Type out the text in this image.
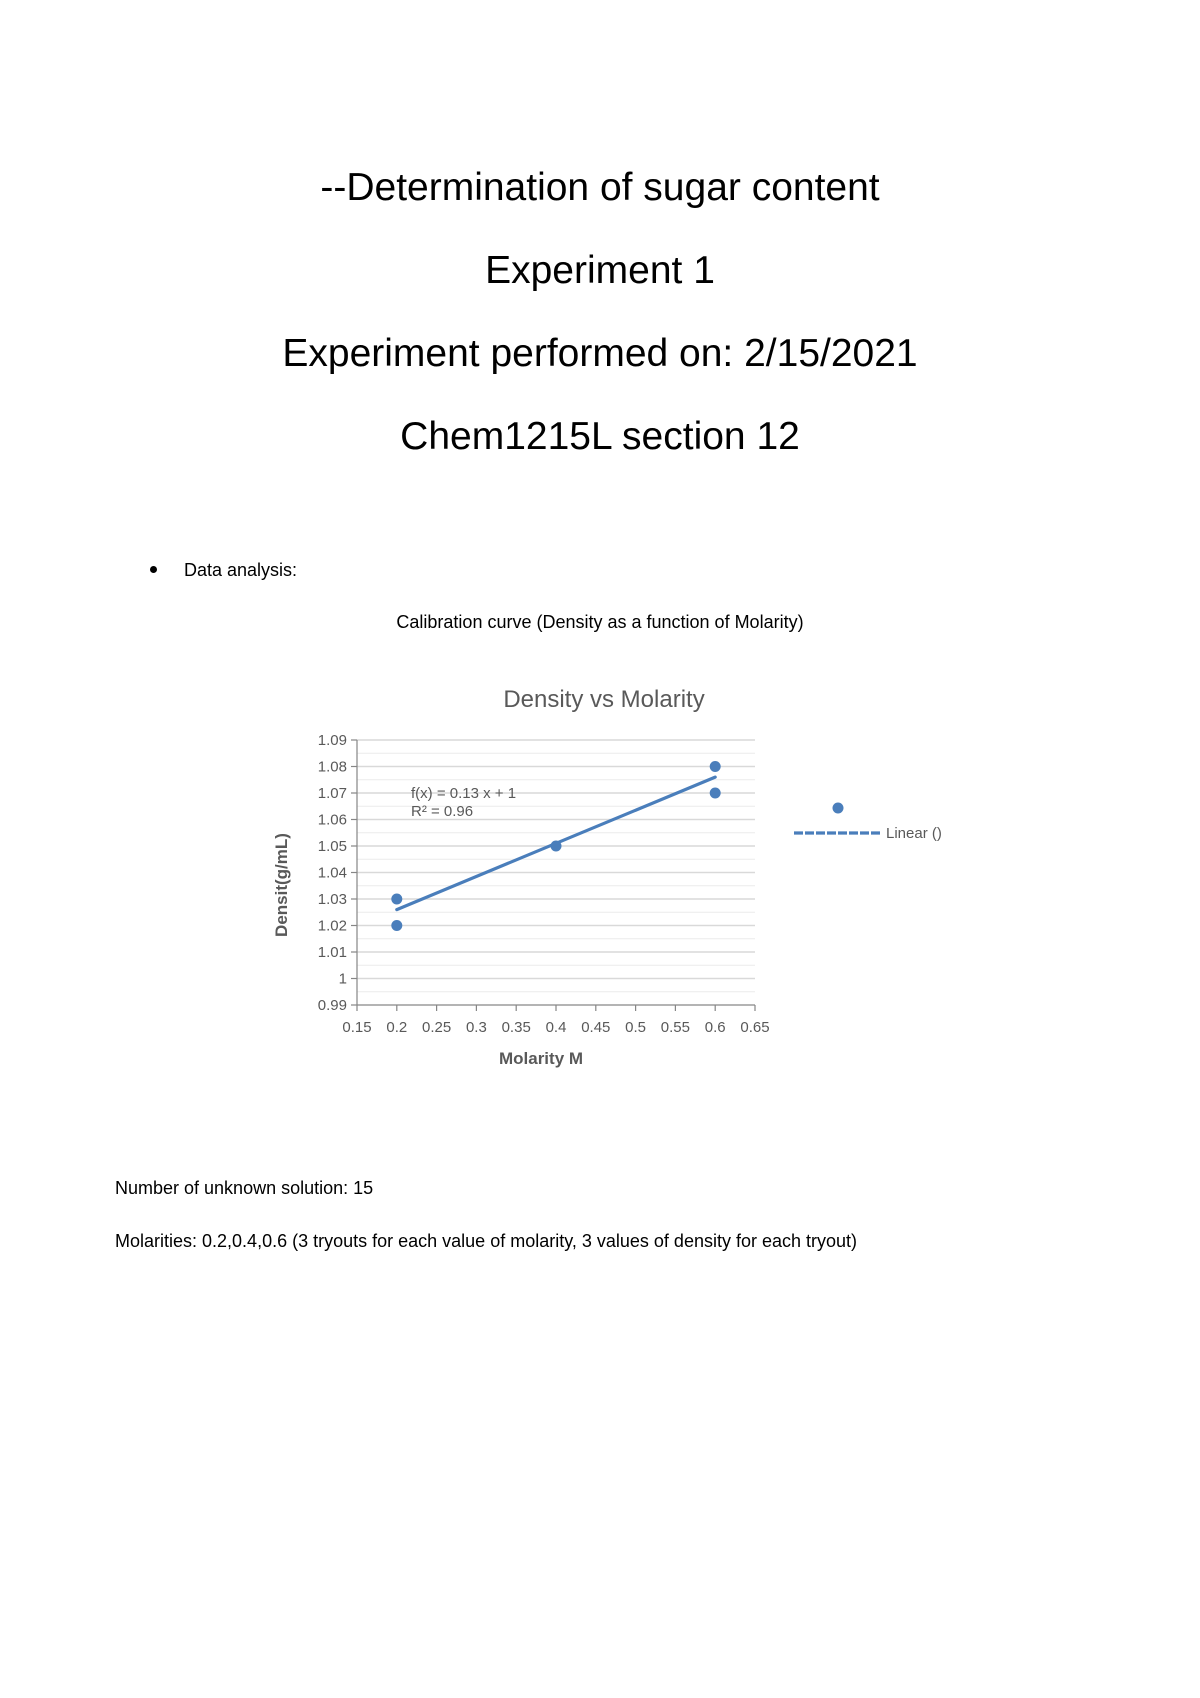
--Determination of sugar content
Experiment 1
Experiment performed on: 2/15/2021
Chem1215L section 12
Data analysis:
Calibration curve (Density as a function of Molarity)
0.99
1
1.01
1.02
1.03
1.04
1.05
1.06
1.07
1.08
1.09
0.15 0.2 0.25 0.3 0.35 0.4 0.45 0.5 0.55 0.6 0.65
Density vs Molarity
Molarity M
Densit(g/mL)
f(x) = 0.13 x + 1
R² = 0.96
Linear ()
Number of unknown solution: 15
Molarities: 0.2,0.4,0.6 (3 tryouts for each value of molarity, 3 values of density for each tryout)
